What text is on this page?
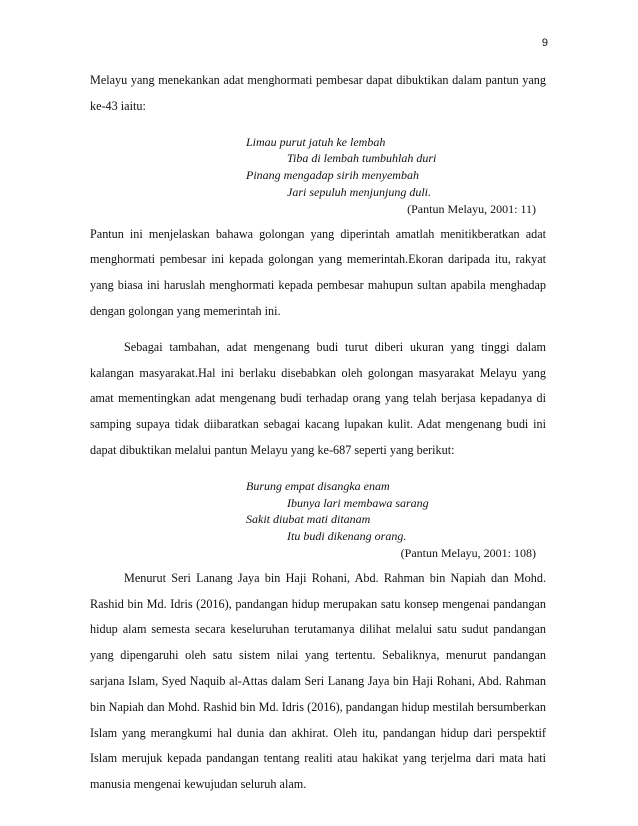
9

Melayu yang menekankan adat menghormati pembesar dapat dibuktikan dalam pantun yang ke-43 iaitu:

Limau purut jatuh ke lembah
Tiba di lembah tumbuhlah duri
Pinang mengadap sirih menyembah
Jari sepuluh menjunjung duli.
(Pantun Melayu, 2001: 11)

Pantun ini menjelaskan bahawa golongan yang diperintah amatlah menitikberatkan adat menghormati pembesar ini kepada golongan yang memerintah.Ekoran daripada itu, rakyat yang biasa ini haruslah menghormati kepada pembesar mahupun sultan apabila menghadap dengan golongan yang memerintah ini.

Sebagai tambahan, adat mengenang budi turut diberi ukuran yang tinggi dalam kalangan masyarakat.Hal ini berlaku disebabkan oleh golongan masyarakat Melayu yang amat mementingkan adat mengenang budi terhadap orang yang telah berjasa kepadanya di samping supaya tidak diibaratkan sebagai kacang lupakan kulit. Adat mengenang budi ini dapat dibuktikan melalui pantun Melayu yang ke-687 seperti yang berikut:

Burung empat disangka enam
Ibunya lari membawa sarang
Sakit diubat mati ditanam
Itu budi dikenang orang.
(Pantun Melayu, 2001: 108)

Menurut Seri Lanang Jaya bin Haji Rohani, Abd. Rahman bin Napiah dan Mohd. Rashid bin Md. Idris (2016), pandangan hidup merupakan satu konsep mengenai pandangan hidup alam semesta secara keseluruhan terutamanya dilihat melalui satu sudut pandangan yang dipengaruhi oleh satu sistem nilai yang tertentu. Sebaliknya, menurut pandangan sarjana Islam, Syed Naquib al-Attas dalam Seri Lanang Jaya bin Haji Rohani, Abd. Rahman bin Napiah dan Mohd. Rashid bin Md. Idris (2016), pandangan hidup mestilah bersumberkan Islam yang merangkumi hal dunia dan akhirat. Oleh itu, pandangan hidup dari perspektif Islam merujuk kepada pandangan tentang realiti atau hakikat yang terjelma dari mata hati manusia mengenai kewujudan seluruh alam.
